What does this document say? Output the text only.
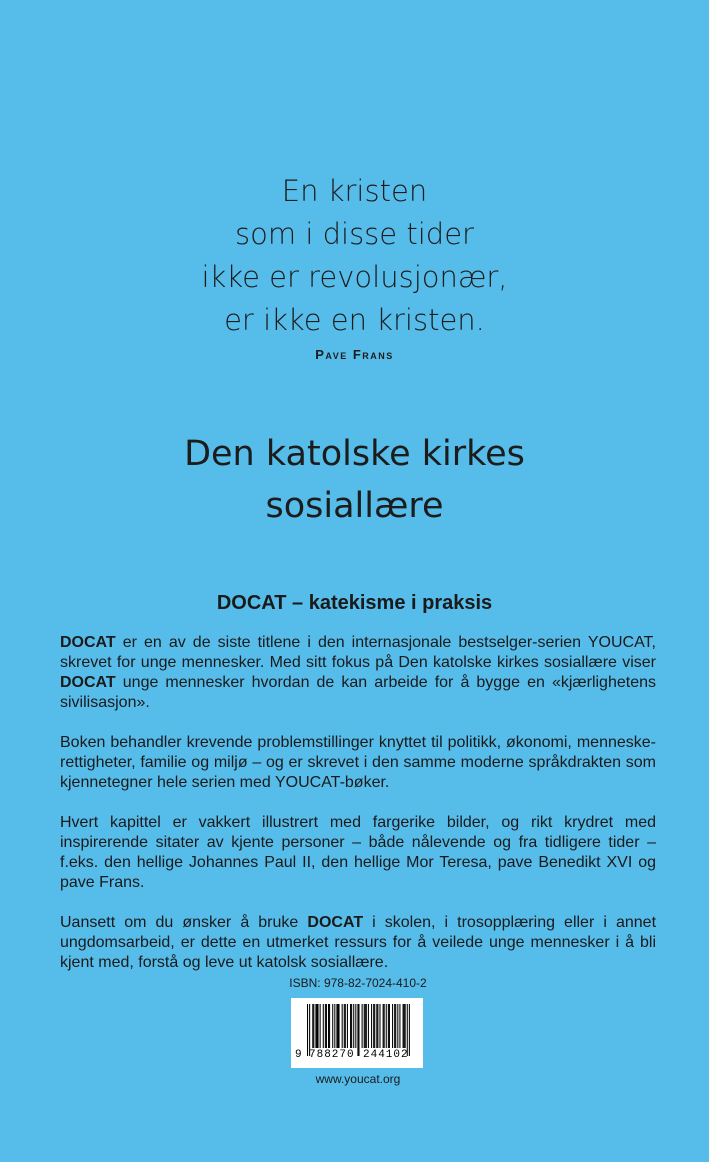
En kristen
som i disse tider
ikke er revolusjonær,
er ikke en kristen.
Pave Frans
Den katolske kirkes
sosiallære
DOCAT – katekisme i praksis

DOCAT er en av de siste titlene i den internasjonale bestselger-serien YOUCAT, skrevet for unge mennesker. Med sitt fokus på Den katolske kirkes sosiallære viser DOCAT unge mennesker hvordan de kan arbeide for å bygge en «kjærlighetens sivilisasjon».

Boken behandler krevende problemstillinger knyttet til politikk, økonomi, menneskerettigheter, familie og miljø – og er skrevet i den samme moderne språkdrakten som kjennetegner hele serien med YOUCAT-bøker.

Hvert kapittel er vakkert illustrert med fargerike bilder, og rikt krydret med inspirerende sitater av kjente personer – både nålevende og fra tidligere tider – f.eks. den hellige Johannes Paul II, den hellige Mor Teresa, pave Benedikt XVI og pave Frans.

Uansett om du ønsker å bruke DOCAT i skolen, i trosopplæring eller i annet ungdomsarbeid, er dette en utmerket ressurs for å veilede unge mennesker i å bli kjent med, forstå og leve ut katolsk sosiallære.

ISBN: 978-82-7024-410-2
9 788270 244102
www.youcat.org
